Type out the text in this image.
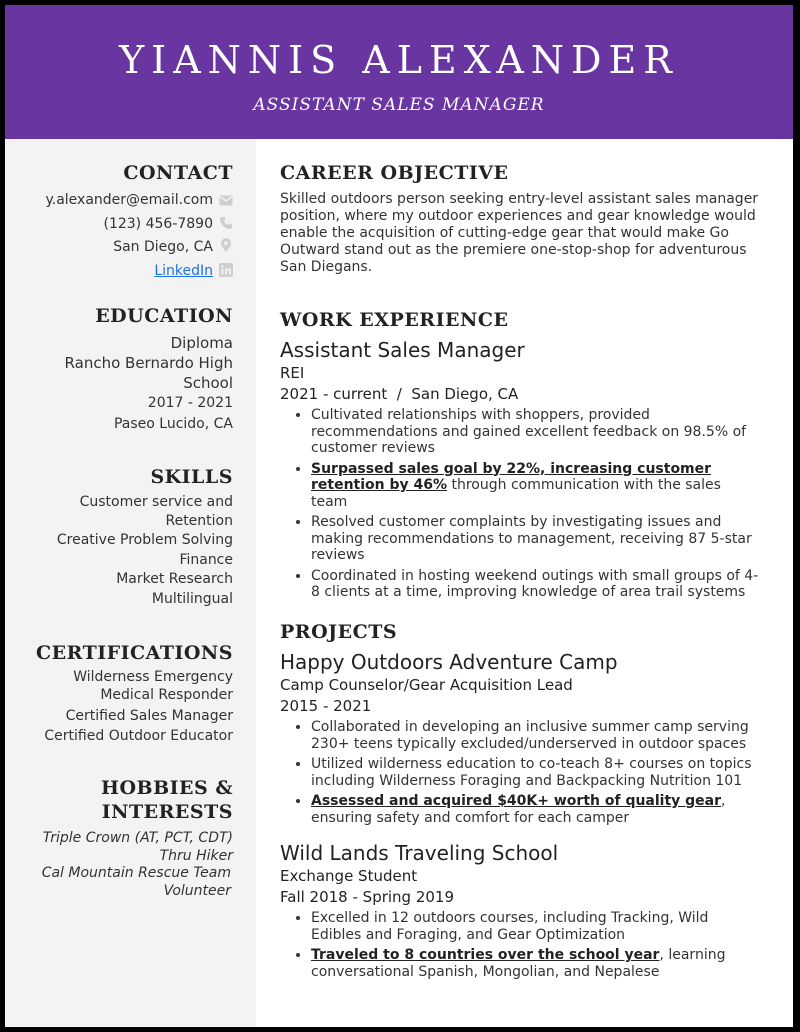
YIANNIS ALEXANDER
ASSISTANT SALES MANAGER
CONTACT
y.alexander@email.com
(123) 456-7890
San Diego, CA
LinkedIn
EDUCATION
Diploma
Rancho Bernardo High School
2017 - 2021
Paseo Lucido, CA
SKILLS
Customer service and Retention
Creative Problem Solving
Finance
Market Research
Multilingual
CERTIFICATIONS
Wilderness Emergency Medical Responder
Certified Sales Manager
Certified Outdoor Educator
HOBBIES & INTERESTS
Triple Crown (AT, PCT, CDT) Thru Hiker
Cal Mountain Rescue Team Volunteer
CAREER OBJECTIVE
Skilled outdoors person seeking entry-level assistant sales manager position, where my outdoor experiences and gear knowledge would enable the acquisition of cutting-edge gear that would make Go Outward stand out as the premiere one-stop-shop for adventurous San Diegans.
WORK EXPERIENCE
Assistant Sales Manager
REI
2021 - current  /  San Diego, CA
• Cultivated relationships with shoppers, provided recommendations and gained excellent feedback on 98.5% of customer reviews
• Surpassed sales goal by 22%, increasing customer retention by 46% through communication with the sales team
• Resolved customer complaints by investigating issues and making recommendations to management, receiving 87 5-star reviews
• Coordinated in hosting weekend outings with small groups of 4-8 clients at a time, improving knowledge of area trail systems
PROJECTS
Happy Outdoors Adventure Camp
Camp Counselor/Gear Acquisition Lead
2015 - 2021
• Collaborated in developing an inclusive summer camp serving 230+ teens typically excluded/underserved in outdoor spaces
• Utilized wilderness education to co-teach 8+ courses on topics including Wilderness Foraging and Backpacking Nutrition 101
• Assessed and acquired $40K+ worth of quality gear, ensuring safety and comfort for each camper
Wild Lands Traveling School
Exchange Student
Fall 2018 - Spring 2019
• Excelled in 12 outdoors courses, including Tracking, Wild Edibles and Foraging, and Gear Optimization
• Traveled to 8 countries over the school year, learning conversational Spanish, Mongolian, and Nepalese
